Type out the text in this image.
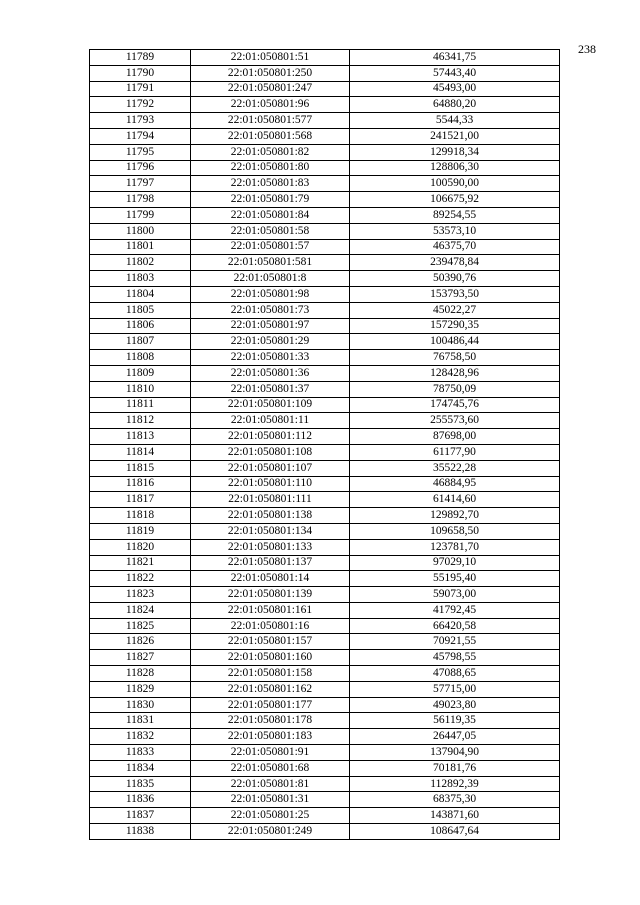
238
11789	22:01:050801:51	46341,75
11790	22:01:050801:250	57443,40
11791	22:01:050801:247	45493,00
11792	22:01:050801:96	64880,20
11793	22:01:050801:577	5544,33
11794	22:01:050801:568	241521,00
11795	22:01:050801:82	129918,34
11796	22:01:050801:80	128806,30
11797	22:01:050801:83	100590,00
11798	22:01:050801:79	106675,92
11799	22:01:050801:84	89254,55
11800	22:01:050801:58	53573,10
11801	22:01:050801:57	46375,70
11802	22:01:050801:581	239478,84
11803	22:01:050801:8	50390,76
11804	22:01:050801:98	153793,50
11805	22:01:050801:73	45022,27
11806	22:01:050801:97	157290,35
11807	22:01:050801:29	100486,44
11808	22:01:050801:33	76758,50
11809	22:01:050801:36	128428,96
11810	22:01:050801:37	78750,09
11811	22:01:050801:109	174745,76
11812	22:01:050801:11	255573,60
11813	22:01:050801:112	87698,00
11814	22:01:050801:108	61177,90
11815	22:01:050801:107	35522,28
11816	22:01:050801:110	46884,95
11817	22:01:050801:111	61414,60
11818	22:01:050801:138	129892,70
11819	22:01:050801:134	109658,50
11820	22:01:050801:133	123781,70
11821	22:01:050801:137	97029,10
11822	22:01:050801:14	55195,40
11823	22:01:050801:139	59073,00
11824	22:01:050801:161	41792,45
11825	22:01:050801:16	66420,58
11826	22:01:050801:157	70921,55
11827	22:01:050801:160	45798,55
11828	22:01:050801:158	47088,65
11829	22:01:050801:162	57715,00
11830	22:01:050801:177	49023,80
11831	22:01:050801:178	56119,35
11832	22:01:050801:183	26447,05
11833	22:01:050801:91	137904,90
11834	22:01:050801:68	70181,76
11835	22:01:050801:81	112892,39
11836	22:01:050801:31	68375,30
11837	22:01:050801:25	143871,60
11838	22:01:050801:249	108647,64
